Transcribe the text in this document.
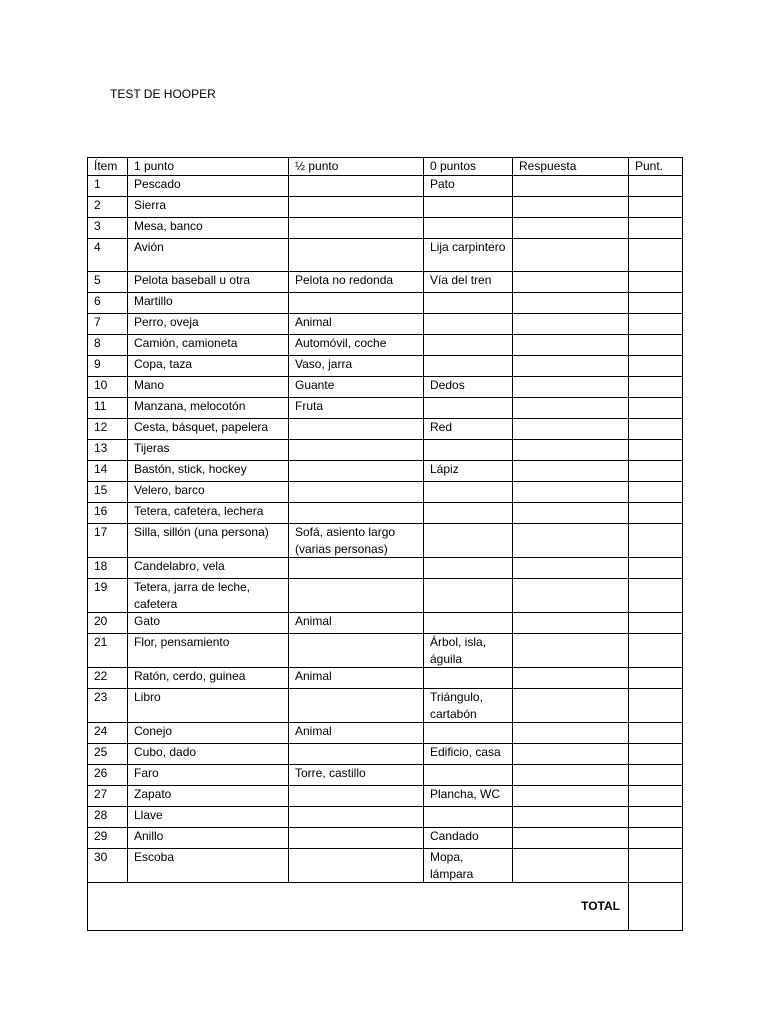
TEST DE HOOPER
Ítem	1 punto	½ punto	0 puntos	Respuesta	Punt.
1	Pescado		Pato		
2	Sierra				
3	Mesa, banco				
4	Avión		Lija carpintero		
5	Pelota baseball u otra	Pelota no redonda	Vía del tren		
6	Martillo				
7	Perro, oveja	Animal			
8	Camión, camioneta	Automóvil, coche			
9	Copa, taza	Vaso, jarra			
10	Mano	Guante	Dedos		
11	Manzana, melocotón	Fruta			
12	Cesta, básquet, papelera		Red		
13	Tijeras				
14	Bastón, stick, hockey		Lápiz		
15	Velero, barco				
16	Tetera, cafetera, lechera				
17	Silla, sillón (una persona)	Sofá, asiento largo (varias personas)			
18	Candelabro, vela				
19	Tetera, jarra de leche, cafetera				
20	Gato	Animal			
21	Flor, pensamiento		Árbol, isla, águila		
22	Ratón, cerdo, guinea	Animal			
23	Libro		Triángulo, cartabón		
24	Conejo	Animal			
25	Cubo, dado		Edificio, casa		
26	Faro	Torre, castillo			
27	Zapato		Plancha, WC		
28	Llave				
29	Anillo		Candado		
30	Escoba		Mopa, lámpara		
TOTAL					
